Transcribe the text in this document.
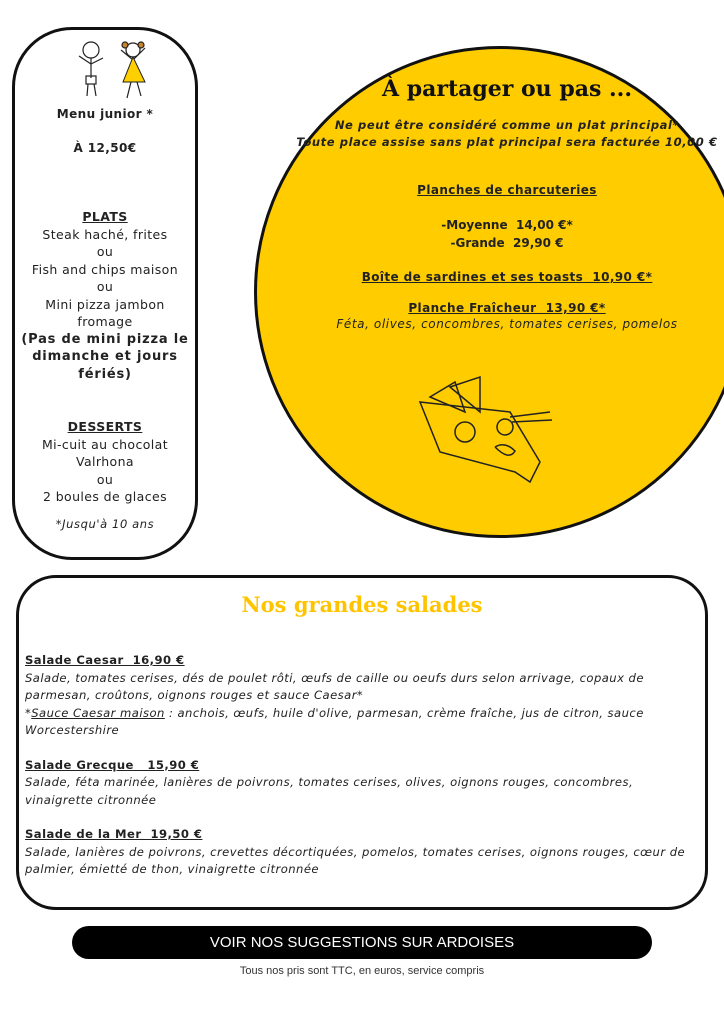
Menu junior *
À 12,50€
PLATS
Steak haché, frites
ou
Fish and chips maison
ou
Mini pizza jambon fromage
(Pas de mini pizza le dimanche et jours fériés)
DESSERTS
Mi-cuit au chocolat Valrhona
ou
2 boules de glaces
*Jusqu'à 10 ans
À partager ou pas ...

Ne peut être considéré comme un plat principal*

Toute place assise sans plat principal sera facturée 10,00 €

Planches de charcuteries

-Moyenne  14,00 €*

-Grande  29,90 €

Boîte de sardines et ses toasts  10,90 €*

Planche Fraîcheur  13,90 €*

Féta, olives, concombres, tomates cerises, pomelos

Nos grandes salades
Salade Caesar  16,90 €
Salade, tomates cerises, dés de poulet rôti, œufs de caille ou oeufs durs selon arrivage, copaux de parmesan, croûtons, oignons rouges et sauce Caesar*
*Sauce Caesar maison : anchois, œufs, huile d'olive, parmesan, crème fraîche, jus de citron, sauce Worcestershire
Salade Grecque   15,90 €
Salade, féta marinée, lanières de poivrons, tomates cerises, olives, oignons rouges, concombres, vinaigrette citronnée
Salade de la Mer  19,50 €
Salade, lanières de poivrons, crevettes décortiquées, pomelos, tomates cerises, oignons rouges, cœur de palmier, émietté de thon, vinaigrette citronnée
VOIR NOS SUGGESTIONS SUR ARDOISES
Tous nos pris sont TTC, en euros, service compris
